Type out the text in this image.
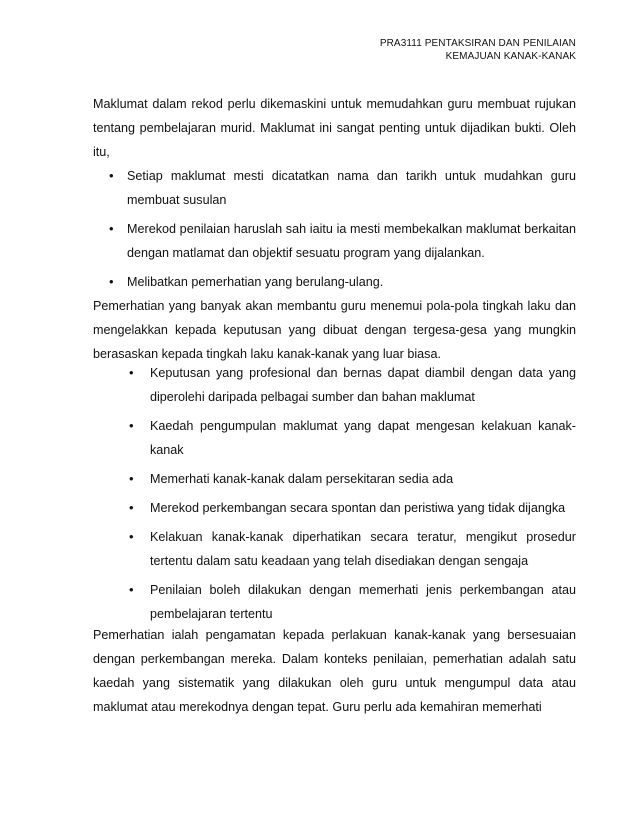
PRA3111 PENTAKSIRAN DAN PENILAIAN
KEMAJUAN KANAK-KANAK

Maklumat dalam rekod perlu dikemaskini untuk memudahkan guru membuat rujukan tentang pembelajaran murid. Maklumat ini sangat penting untuk dijadikan bukti. Oleh itu,

• Setiap maklumat mesti dicatatkan nama dan tarikh untuk mudahkan guru membuat susulan
• Merekod penilaian haruslah sah iaitu ia mesti membekalkan maklumat berkaitan dengan matlamat dan objektif sesuatu program yang dijalankan.
• Melibatkan pemerhatian yang berulang-ulang.

Pemerhatian yang banyak akan membantu guru menemui pola-pola tingkah laku dan mengelakkan kepada keputusan yang dibuat dengan tergesa-gesa yang mungkin berasaskan kepada tingkah laku kanak-kanak yang luar biasa.

• Keputusan yang profesional dan bernas dapat diambil dengan data yang diperolehi daripada pelbagai sumber dan bahan maklumat
• Kaedah pengumpulan maklumat yang dapat mengesan kelakuan kanak-kanak
• Memerhati kanak-kanak dalam persekitaran sedia ada
• Merekod perkembangan secara spontan dan peristiwa yang tidak dijangka
• Kelakuan kanak-kanak diperhatikan secara teratur, mengikut prosedur tertentu dalam satu keadaan yang telah disediakan dengan sengaja
• Penilaian boleh dilakukan dengan memerhati jenis perkembangan atau pembelajaran tertentu

Pemerhatian ialah pengamatan kepada perlakuan kanak-kanak yang bersesuaian dengan perkembangan mereka. Dalam konteks penilaian, pemerhatian adalah satu kaedah yang sistematik yang dilakukan oleh guru untuk mengumpul data atau maklumat atau merekodnya dengan tepat. Guru perlu ada kemahiran memerhati
